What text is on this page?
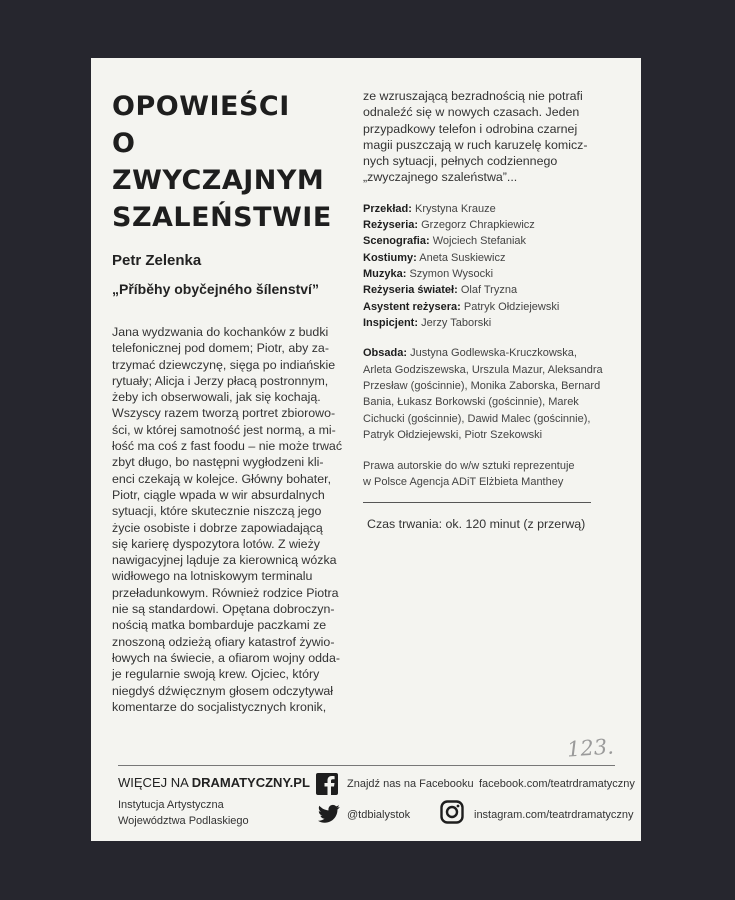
OPOWIEŚCI
O
ZWYCZAJNYM
SZALEŃSTWIE
Petr Zelenka
„Příběhy obyčejného šílenství”
Jana wydzwania do kochanków z budki
telefonicznej pod domem; Piotr, aby za-
trzymać dziewczynę, sięga po indiańskie
rytuały; Alicja i Jerzy płacą postronnym,
żeby ich obserwowali, jak się kochają.
Wszyscy razem tworzą portret zbiorowo-
ści, w której samotność jest normą, a mi-
łość ma coś z fast foodu – nie może trwać
zbyt długo, bo następni wygłodzeni kli-
enci czekają w kolejce. Główny bohater,
Piotr, ciągle wpada w wir absurdalnych
sytuacji, które skutecznie niszczą jego
życie osobiste i dobrze zapowiadającą
się karierę dyspozytora lotów. Z wieży
nawigacyjnej ląduje za kierownicą wózka
widłowego na lotniskowym terminalu
przeładunkowym. Również rodzice Piotra
nie są standardowi. Opętana dobroczyn-
nością matka bombarduje paczkami ze
znoszoną odzieżą ofiary katastrof żywio-
łowych na świecie, a ofiarom wojny odda-
je regularnie swoją krew. Ojciec, który
niegdyś dźwięcznym głosem odczytywał
komentarze do socjalistycznych kronik,
ze wzruszającą bezradnością nie potrafi
odnaleźć się w nowych czasach. Jeden
przypadkowy telefon i odrobina czarnej
magii puszczają w ruch karuzelę komicz-
nych sytuacji, pełnych codziennego
„zwyczajnego szaleństwa”...
Przekład: Krystyna Krauze
Reżyseria: Grzegorz Chrapkiewicz
Scenografia: Wojciech Stefaniak
Kostiumy: Aneta Suskiewicz
Muzyka: Szymon Wysocki
Reżyseria świateł: Olaf Tryzna
Asystent reżysera: Patryk Ołdziejewski
Inspicjent: Jerzy Taborski
Obsada: Justyna Godlewska-Kruczkowska,
Arleta Godziszewska, Urszula Mazur, Aleksandra
Przesław (gościnnie), Monika Zaborska, Bernard
Bania, Łukasz Borkowski (gościnnie), Marek
Cichucki (gościnnie), Dawid Malec (gościnnie),
Patryk Ołdziejewski, Piotr Szekowski
Prawa autorskie do w/w sztuki reprezentuje
w Polsce Agencja ADiT Elżbieta Manthey
Czas trwania: ok. 120 minut (z przerwą)
123.
WIĘCEJ NA DRAMATYCZNY.PL
Instytucja Artystyczna
Województwa Podlaskiego
Znajdź nas na Facebooku facebook.com/teatrdramatyczny
@tdbialystok	instagram.com/teatrdramatyczny
